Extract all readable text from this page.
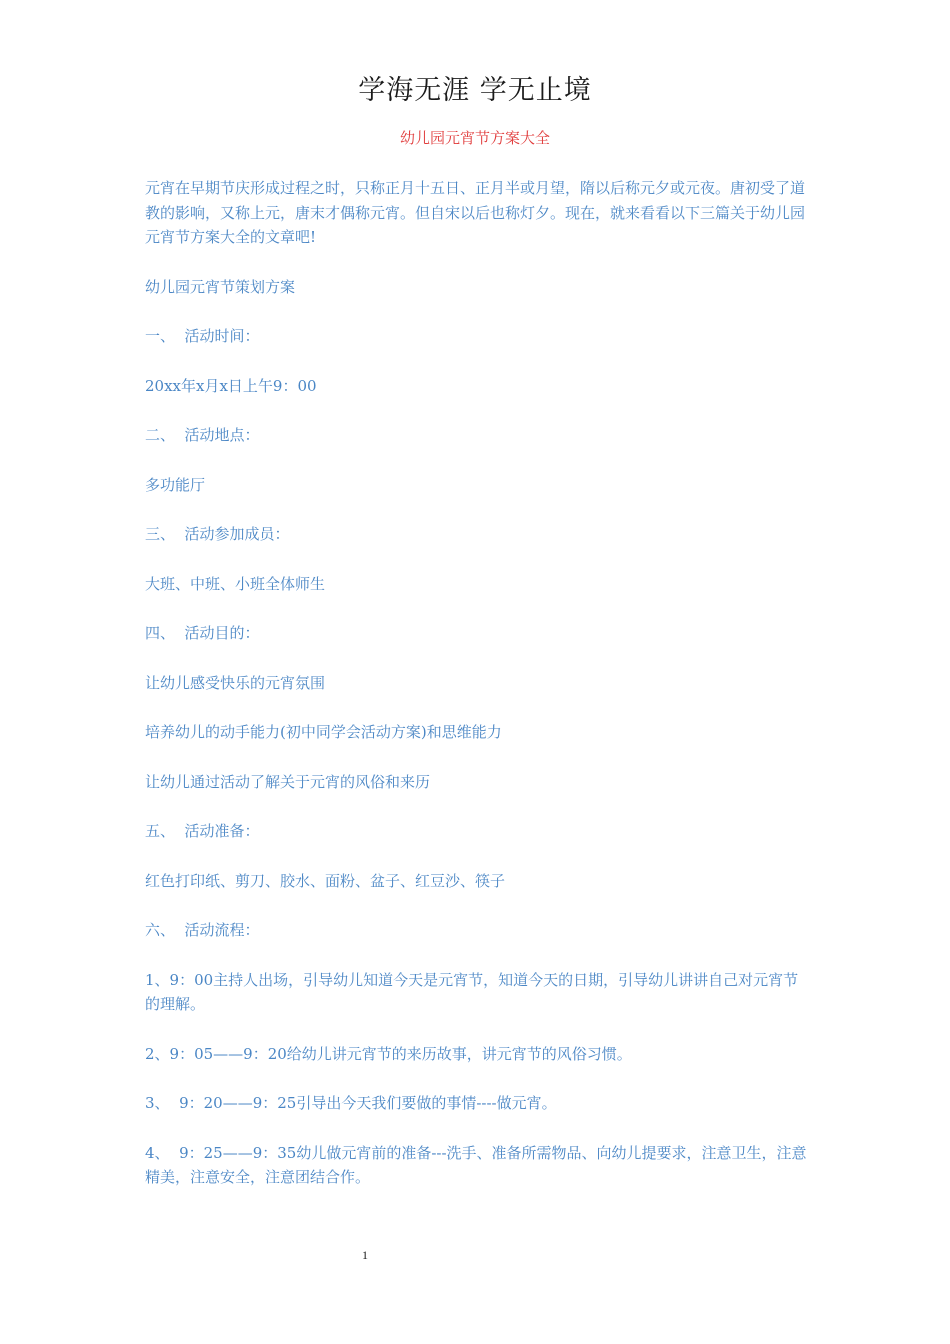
学海无涯 学无止境
幼儿园元宵节方案大全

元宵在早期节庆形成过程之时，只称正月十五日、正月半或月望，隋以后称元夕或元夜。唐初受了道教的影响，又称上元，唐末才偶称元宵。但自宋以后也称灯夕。现在，就来看看以下三篇关于幼儿园元宵节方案大全的文章吧!

幼儿园元宵节策划方案

一、  活动时间：

20xx年x月x日上午9：00

二、  活动地点：

多功能厅

三、  活动参加成员：

大班、中班、小班全体师生

四、  活动目的：

让幼儿感受快乐的元宵氛围

培养幼儿的动手能力(初中同学会活动方案)和思维能力

让幼儿通过活动了解关于元宵的风俗和来历

五、  活动准备：

红色打印纸、剪刀、胶水、面粉、盆子、红豆沙、筷子

六、  活动流程：

1、9：00主持人出场，引导幼儿知道今天是元宵节，知道今天的日期，引导幼儿讲讲自己对元宵节的理解。

2、9：05——9：20给幼儿讲元宵节的来历故事，讲元宵节的风俗习惯。

3、  9：20——9：25引导出今天我们要做的事情----做元宵。

4、  9：25——9：35幼儿做元宵前的准备---洗手、准备所需物品、向幼儿提要求，注意卫生，注意精美，注意安全，注意团结合作。

1
